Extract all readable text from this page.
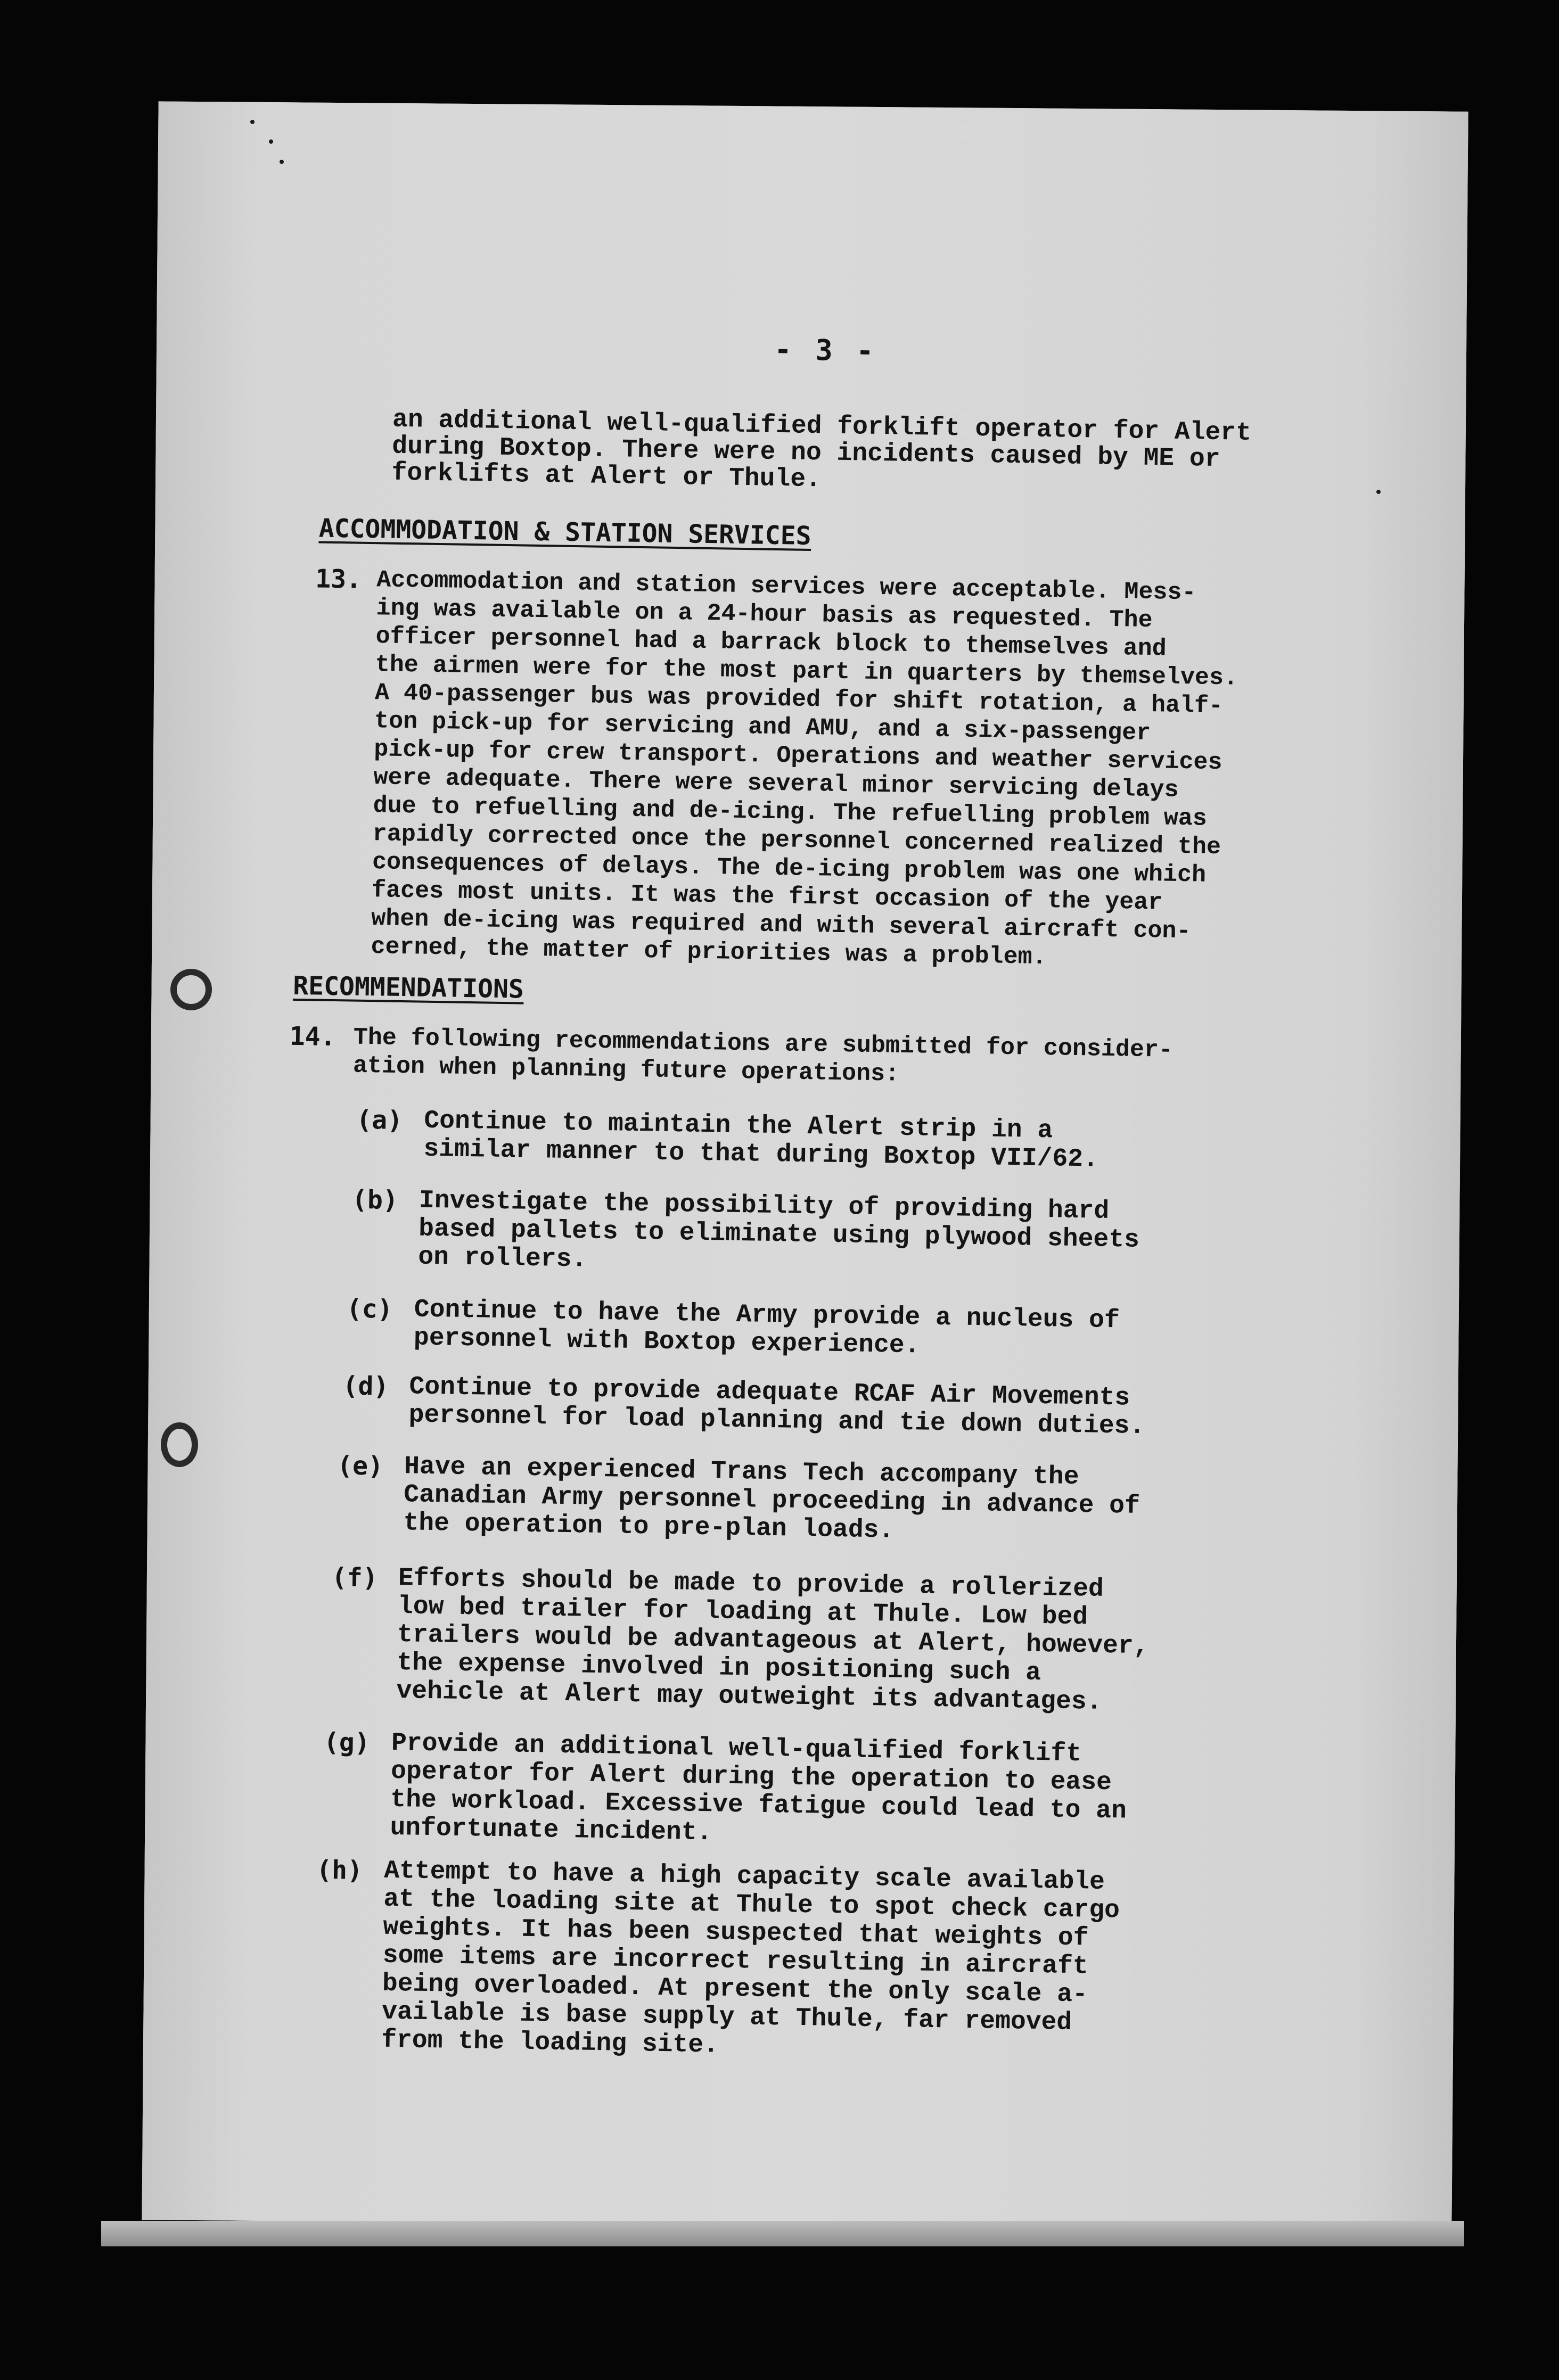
- 3 -
an additional well-qualified forklift operator for Alert
during Boxtop. There were no incidents caused by ME or
forklifts at Alert or Thule.
ACCOMMODATION & STATION SERVICES
13. Accommodation and station services were acceptable. Mess-
ing was available on a 24-hour basis as requested. The
officer personnel had a barrack block to themselves and
the airmen were for the most part in quarters by themselves.
A 40-passenger bus was provided for shift rotation, a half-
ton pick-up for servicing and AMU, and a six-passenger
pick-up for crew transport. Operations and weather services
were adequate. There were several minor servicing delays
due to refuelling and de-icing. The refuelling problem was
rapidly corrected once the personnel concerned realized the
consequences of delays. The de-icing problem was one which
faces most units. It was the first occasion of the year
when de-icing was required and with several aircraft con-
cerned, the matter of priorities was a problem.
RECOMMENDATIONS
14. The following recommendations are submitted for consider-
ation when planning future operations:
(a) Continue to maintain the Alert strip in a
similar manner to that during Boxtop VII/62.
(b) Investigate the possibility of providing hard
based pallets to eliminate using plywood sheets
on rollers.
(c) Continue to have the Army provide a nucleus of
personnel with Boxtop experience.
(d) Continue to provide adequate RCAF Air Movements
personnel for load planning and tie down duties.
(e) Have an experienced Trans Tech accompany the
Canadian Army personnel proceeding in advance of
the operation to pre-plan loads.
(f) Efforts should be made to provide a rollerized
low bed trailer for loading at Thule. Low bed
trailers would be advantageous at Alert, however,
the expense involved in positioning such a
vehicle at Alert may outweight its advantages.
(g) Provide an additional well-qualified forklift
operator for Alert during the operation to ease
the workload. Excessive fatigue could lead to an
unfortunate incident.
(h) Attempt to have a high capacity scale available
at the loading site at Thule to spot check cargo
weights. It has been suspected that weights of
some items are incorrect resulting in aircraft
being overloaded. At present the only scale a-
vailable is base supply at Thule, far removed
from the loading site.
